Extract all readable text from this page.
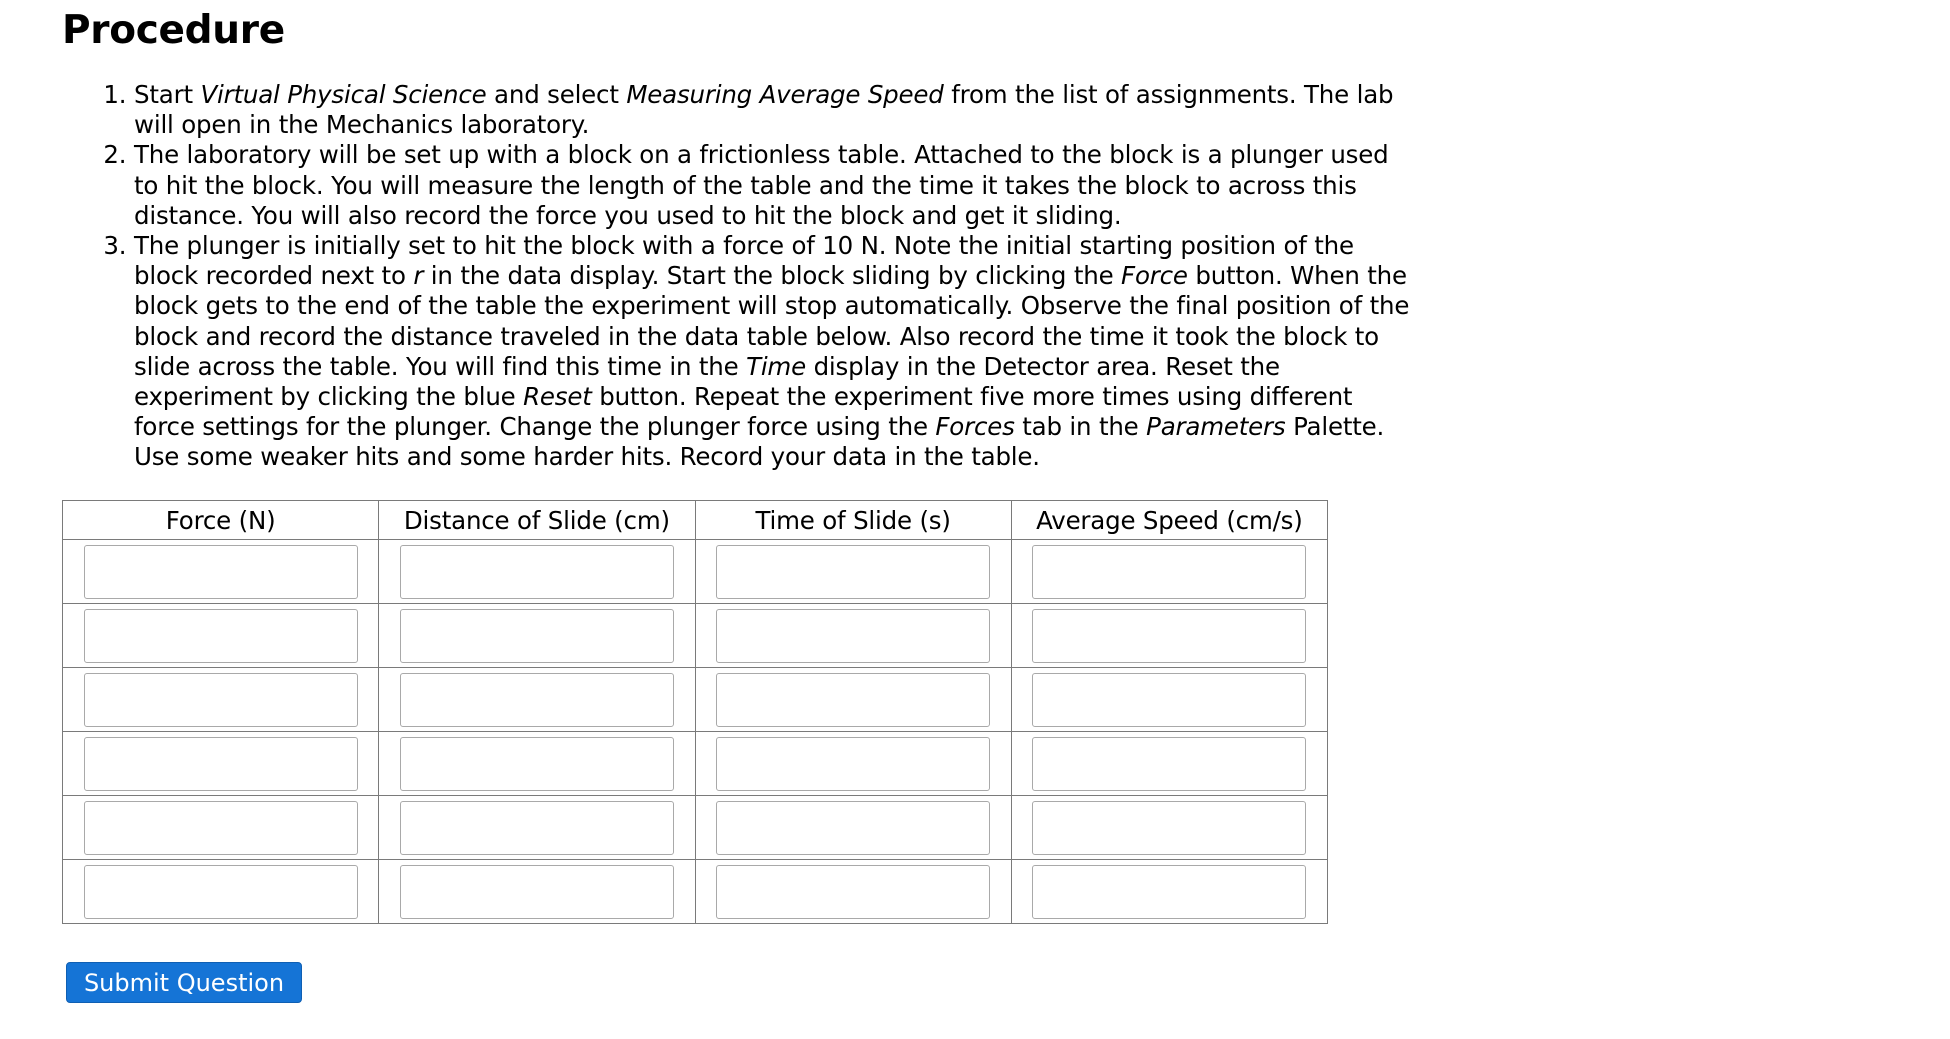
Procedure
1. Start Virtual Physical Science and select Measuring Average Speed from the list of assignments. The lab will open in the Mechanics laboratory.
2. The laboratory will be set up with a block on a frictionless table. Attached to the block is a plunger used to hit the block. You will measure the length of the table and the time it takes the block to across this distance. You will also record the force you used to hit the block and get it sliding.
3. The plunger is initially set to hit the block with a force of 10 N. Note the initial starting position of the block recorded next to r in the data display. Start the block sliding by clicking the Force button. When the block gets to the end of the table the experiment will stop automatically. Observe the final position of the block and record the distance traveled in the data table below. Also record the time it took the block to slide across the table. You will find this time in the Time display in the Detector area. Reset the experiment by clicking the blue Reset button. Repeat the experiment five more times using different force settings for the plunger. Change the plunger force using the Forces tab in the Parameters Palette. Use some weaker hits and some harder hits. Record your data in the table.
Force (N)	Distance of Slide (cm)	Time of Slide (s)	Average Speed (cm/s)

Submit Question
